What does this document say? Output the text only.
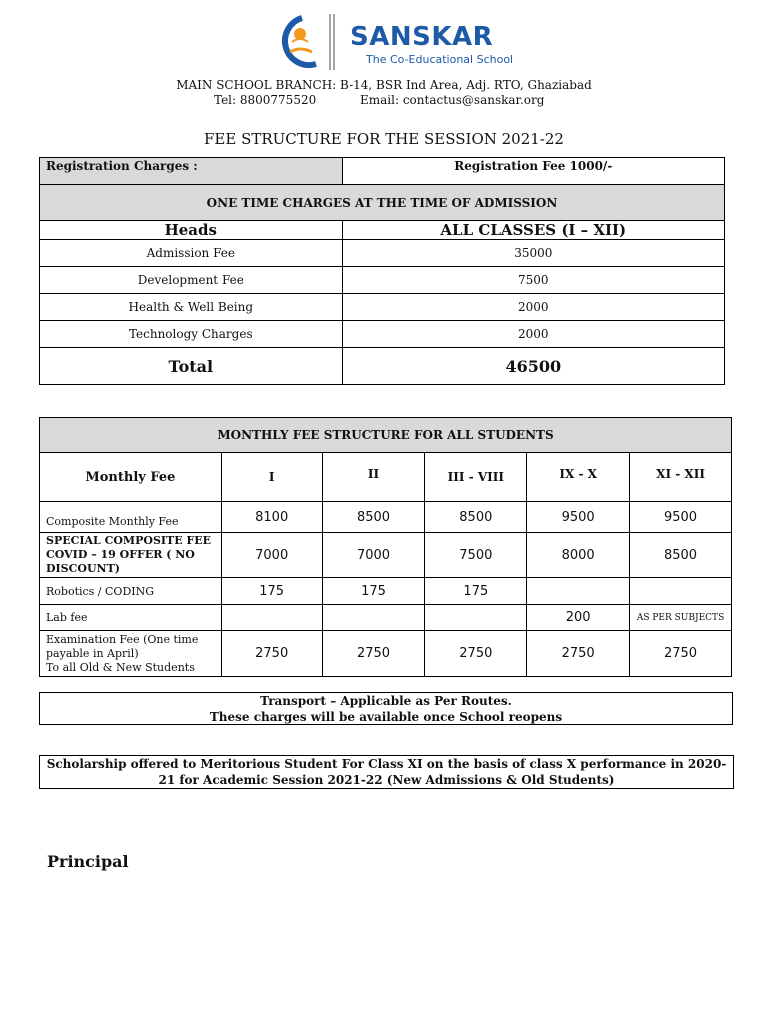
SANSKAR
The Co-Educational School
MAIN SCHOOL BRANCH: B-14, BSR Ind Area, Adj. RTO, Ghaziabad
Tel: 8800775520	Email: contactus@sanskar.org
FEE STRUCTURE FOR THE SESSION 2021-22
Registration Charges :	Registration Fee 1000/-
ONE TIME CHARGES AT THE TIME OF ADMISSION	
Heads	ALL CLASSES (I – XII)
Admission Fee	35000
Development Fee	7500
Health & Well Being	2000
Technology Charges	2000
Total	46500
MONTHLY FEE STRUCTURE FOR ALL STUDENTS					
Monthly Fee	I	II	III - VIII	IX - X	XI - XII
Composite Monthly Fee	8100	8500	8500	9500	9500
SPECIAL COMPOSITE FEE COVID – 19 OFFER ( NO DISCOUNT)	7000	7000	7500	8000	8500
Robotics / CODING	175	175	175		
Lab fee				200	AS PER SUBJECTS

Examination Fee (One time
payable in April)
To all Old & New Students	2750	2750	2750	2750	2750
Transport – Applicable as Per Routes.
These charges will be available once School reopens
Scholarship offered to Meritorious Student For Class XI on the basis of class X performance in 2020-
21 for Academic Session 2021-22 (New Admissions & Old Students)
Principal
